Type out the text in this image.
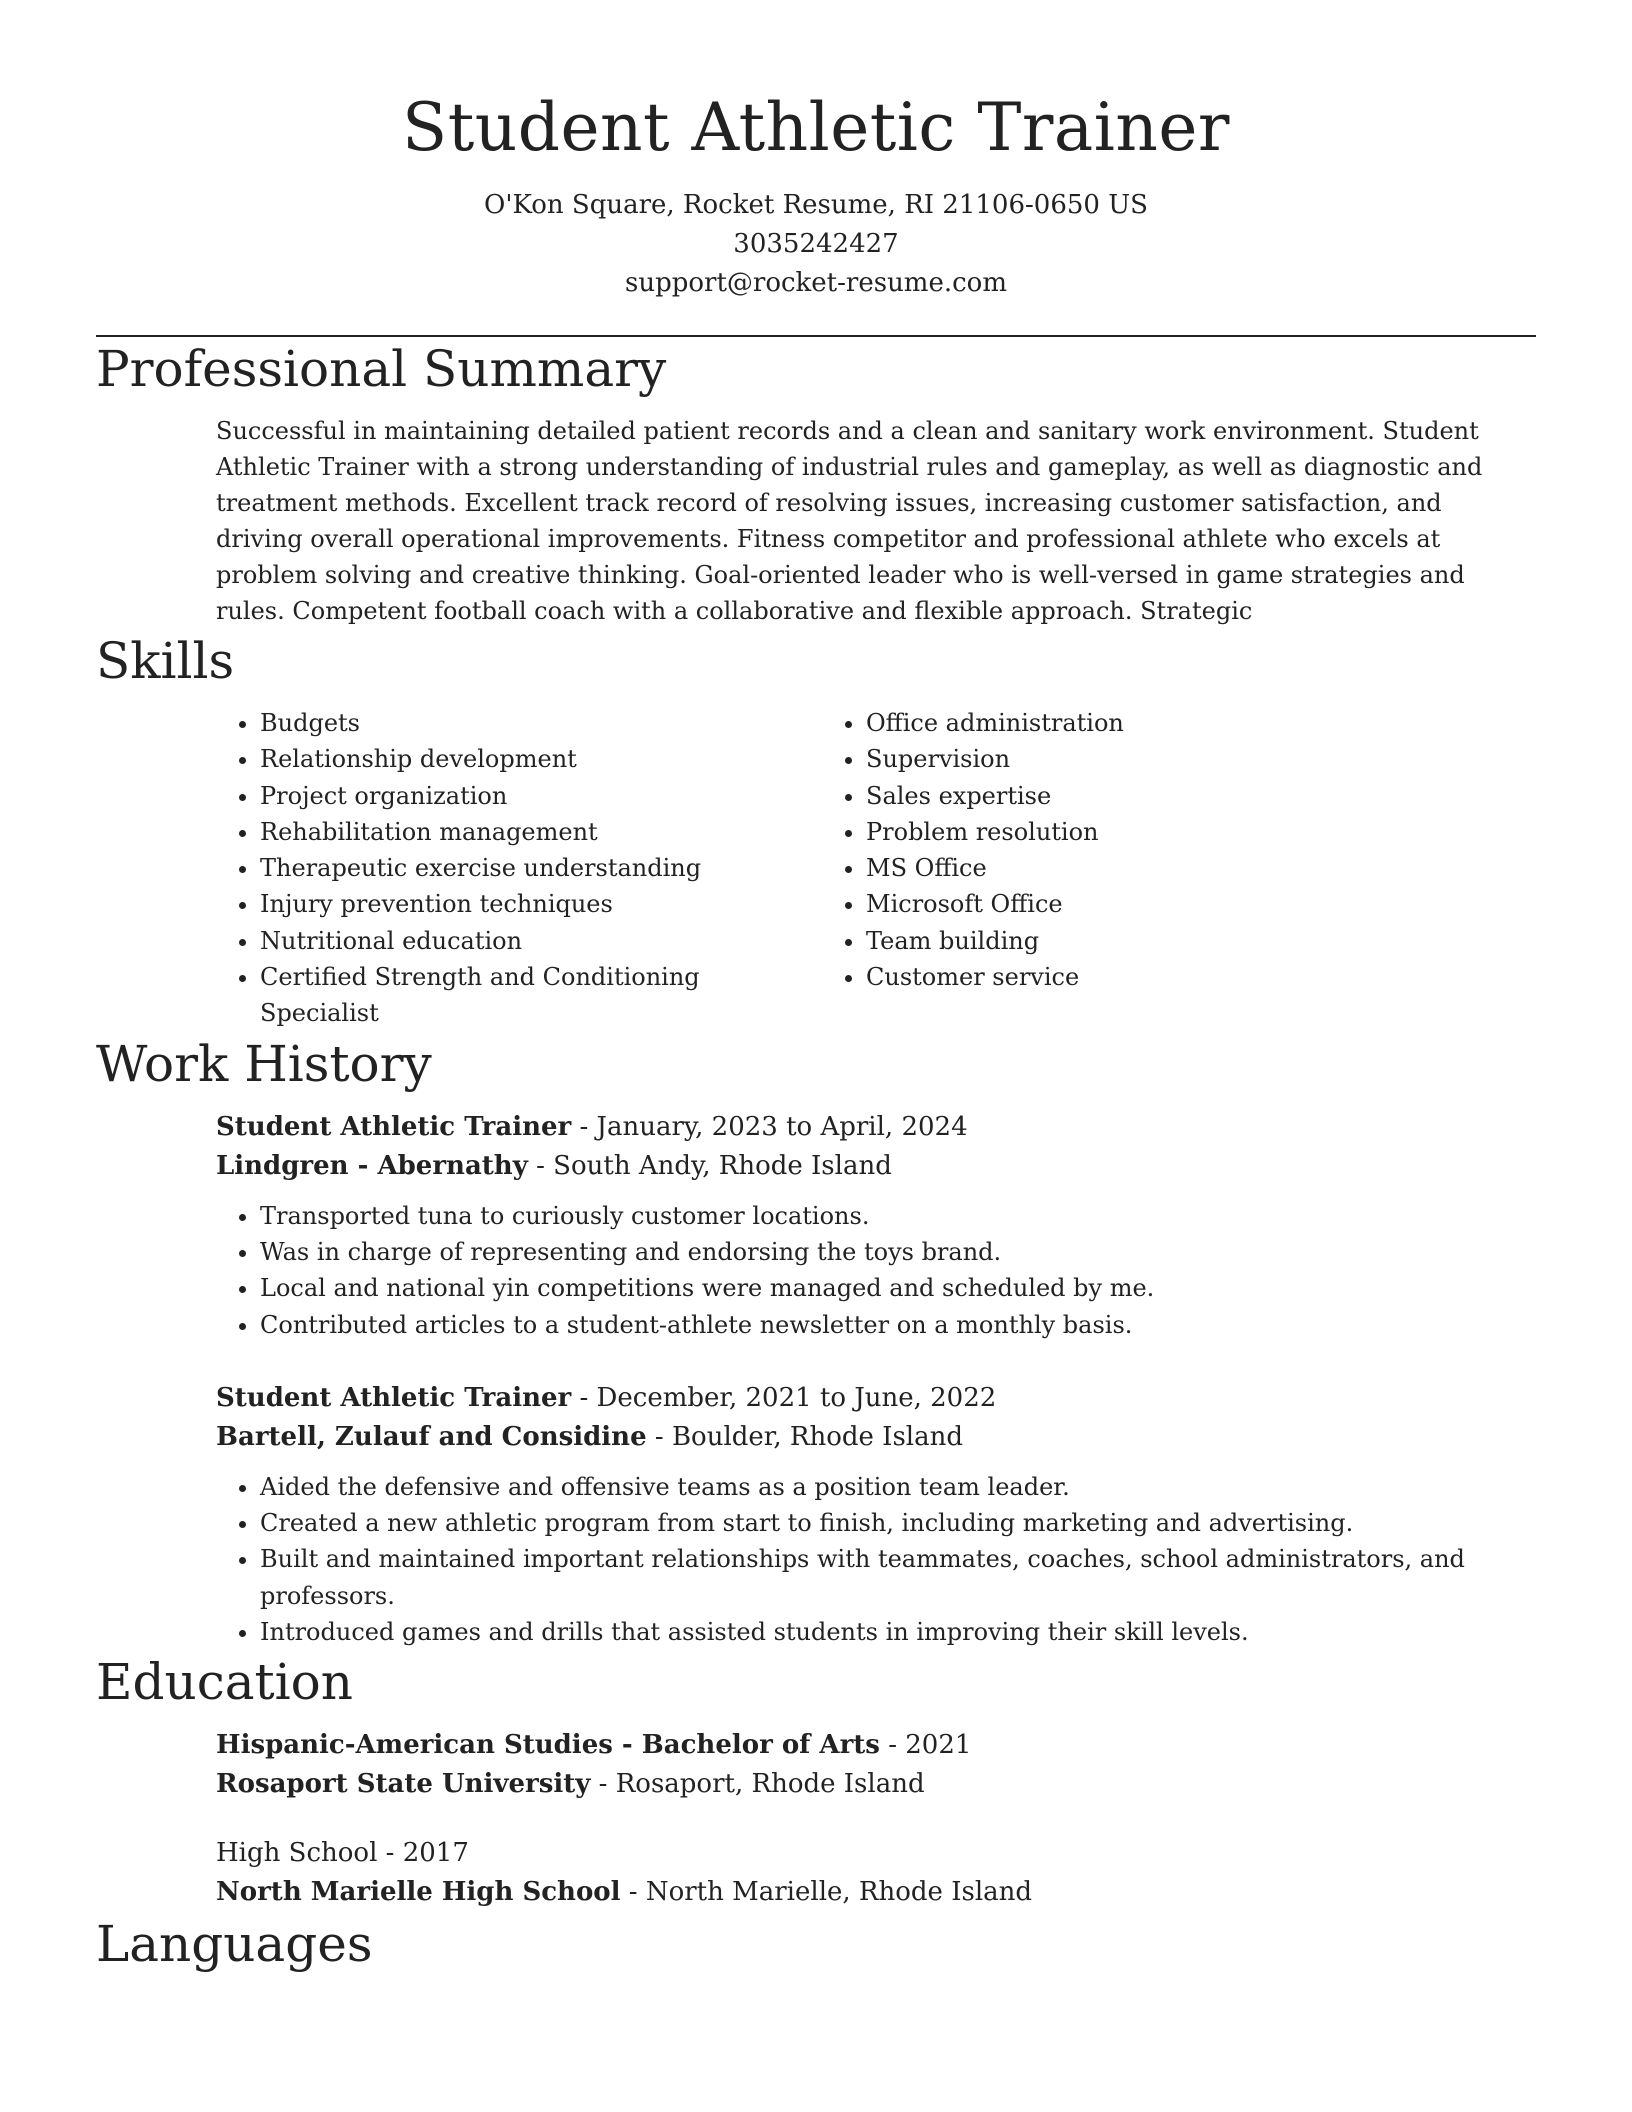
Student Athletic Trainer
O'Kon Square, Rocket Resume, RI 21106-0650 US
3035242427
support@rocket-resume.com
Professional Summary
Successful in maintaining detailed patient records and a clean and sanitary work environment. Student Athletic Trainer with a strong understanding of industrial rules and gameplay, as well as diagnostic and treatment methods. Excellent track record of resolving issues, increasing customer satisfaction, and driving overall operational improvements. Fitness competitor and professional athlete who excels at problem solving and creative thinking. Goal-oriented leader who is well-versed in game strategies and rules. Competent football coach with a collaborative and flexible approach. Strategic
Skills
• Budgets
• Relationship development
• Project organization
• Rehabilitation management
• Therapeutic exercise understanding
• Injury prevention techniques
• Nutritional education
• Certified Strength and Conditioning Specialist
• Office administration
• Supervision
• Sales expertise
• Problem resolution
• MS Office
• Microsoft Office
• Team building
• Customer service
Work History
Student Athletic Trainer - January, 2023 to April, 2024
Lindgren - Abernathy - South Andy, Rhode Island
• Transported tuna to curiously customer locations.
• Was in charge of representing and endorsing the toys brand.
• Local and national yin competitions were managed and scheduled by me.
• Contributed articles to a student-athlete newsletter on a monthly basis.
Student Athletic Trainer - December, 2021 to June, 2022
Bartell, Zulauf and Considine - Boulder, Rhode Island
• Aided the defensive and offensive teams as a position team leader.
• Created a new athletic program from start to finish, including marketing and advertising.
• Built and maintained important relationships with teammates, coaches, school administrators, and professors.
• Introduced games and drills that assisted students in improving their skill levels.
Education
Hispanic-American Studies - Bachelor of Arts - 2021
Rosaport State University - Rosaport, Rhode Island
High School - 2017
North Marielle High School - North Marielle, Rhode Island
Languages
